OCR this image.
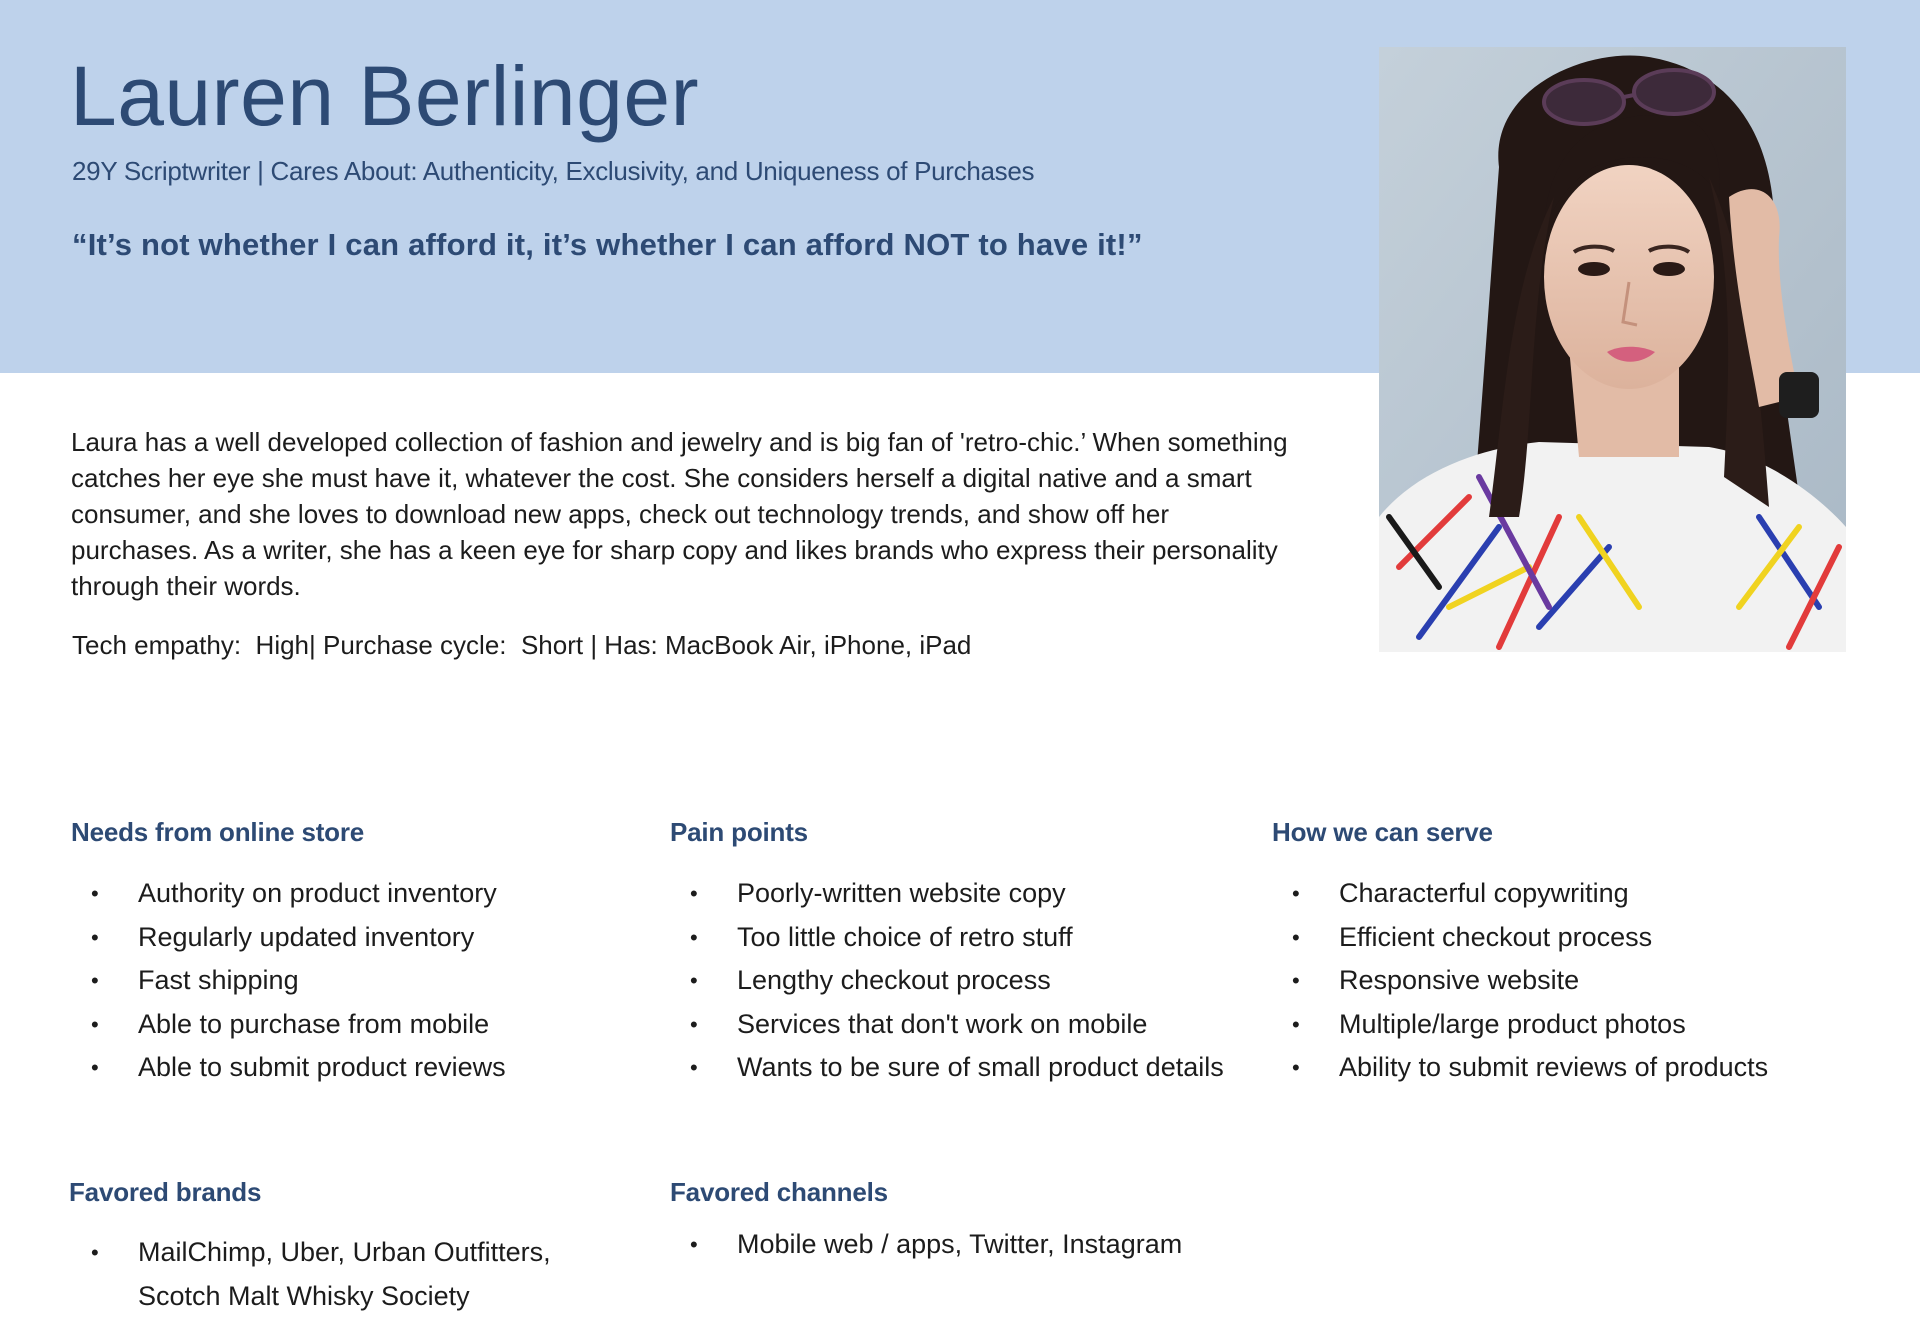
Lauren Berlinger

29Y Scriptwriter | Cares About: Authenticity, Exclusivity, and Uniqueness of Purchases

“It’s not whether I can afford it, it’s whether I can afford NOT to have it!”

Laura has a well developed collection of fashion and jewelry and is big fan of 'retro-chic.’ When something catches her eye she must have it, whatever the cost. She considers herself a digital native and a smart consumer, and she loves to download new apps, check out technology trends, and show off her purchases. As a writer, she has a keen eye for sharp copy and likes brands who express their personality through their words.

Tech empathy:  High| Purchase cycle:  Short | Has: MacBook Air, iPhone, iPad

Needs from online store
• Authority on product inventory
• Regularly updated inventory
• Fast shipping
• Able to purchase from mobile
• Able to submit product reviews
Pain points
• Poorly-written website copy
• Too little choice of retro stuff
• Lengthy checkout process
• Services that don't work on mobile
• Wants to be sure of small product details
How we can serve
• Characterful copywriting
• Efficient checkout process
• Responsive website
• Multiple/large product photos
• Ability to submit reviews of products
Favored brands
• MailChimp, Uber, Urban Outfitters, Scotch Malt Whisky Society
Favored channels
• Mobile web / apps, Twitter, Instagram
